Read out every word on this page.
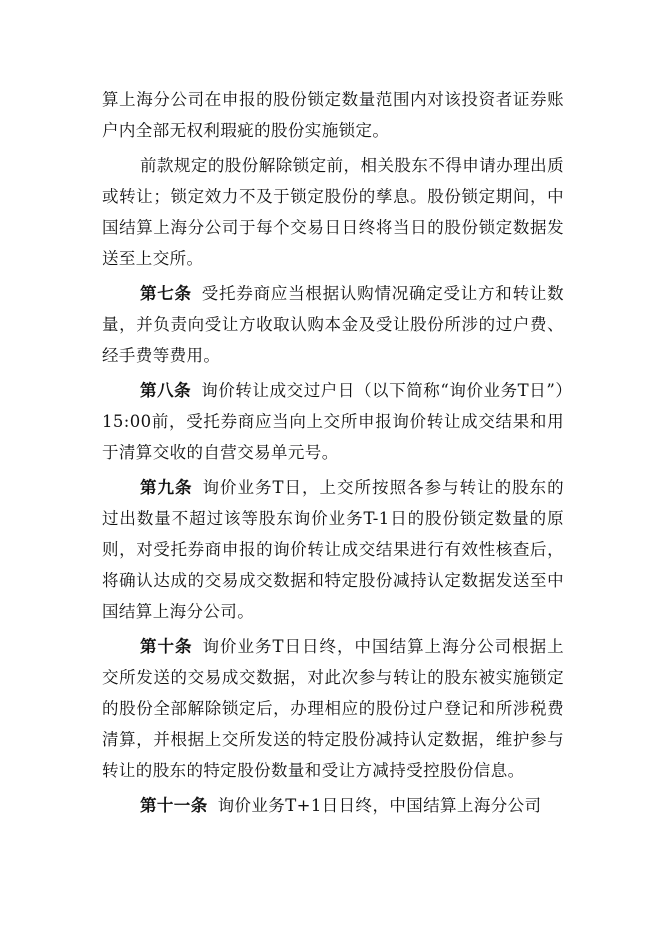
算上海分公司在申报的股份锁定数量范围内对该投资者证券账户内全部无权利瑕疵的股份实施锁定。

前款规定的股份解除锁定前，相关股东不得申请办理出质或转让；锁定效力不及于锁定股份的孳息。股份锁定期间，中国结算上海分公司于每个交易日日终将当日的股份锁定数据发送至上交所。

第七条 受托券商应当根据认购情况确定受让方和转让数量，并负责向受让方收取认购本金及受让股份所涉的过户费、经手费等费用。

第八条 询价转让成交过户日（以下简称“询价业务T日”）15:00前，受托券商应当向上交所申报询价转让成交结果和用于清算交收的自营交易单元号。

第九条 询价业务T日，上交所按照各参与转让的股东的过出数量不超过该等股东询价业务T-1日的股份锁定数量的原则，对受托券商申报的询价转让成交结果进行有效性核查后，将确认达成的交易成交数据和特定股份减持认定数据发送至中国结算上海分公司。

第十条 询价业务T日日终，中国结算上海分公司根据上交所发送的交易成交数据，对此次参与转让的股东被实施锁定的股份全部解除锁定后，办理相应的股份过户登记和所涉税费清算，并根据上交所发送的特定股份减持认定数据，维护参与转让的股东的特定股份数量和受让方减持受控股份信息。

第十一条 询价业务T+1日日终，中国结算上海分公司
